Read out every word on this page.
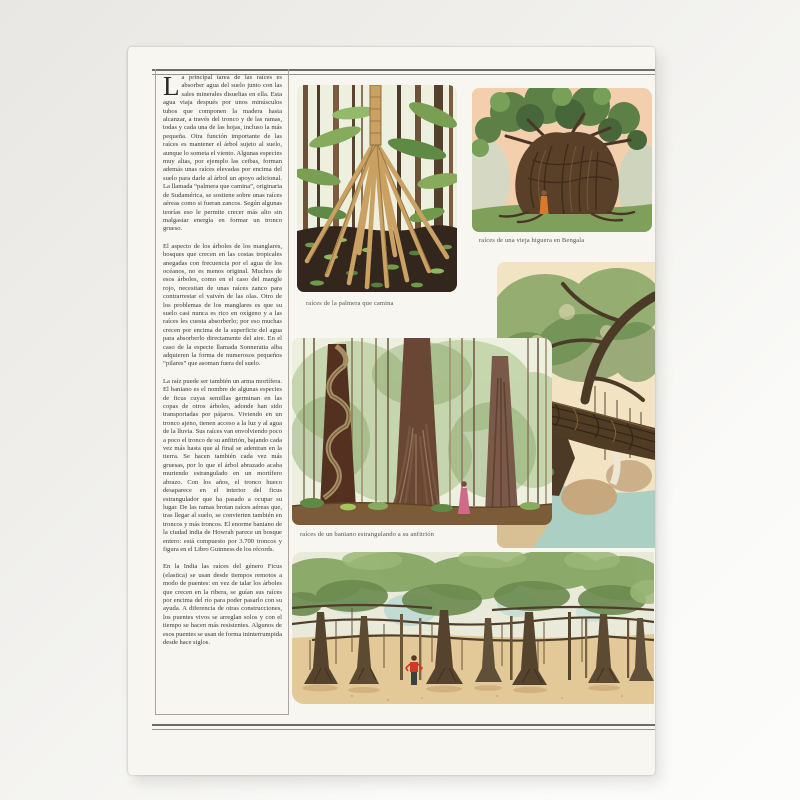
La principal tarea de las raíces es absorber agua del suelo junto con las sales minerales disueltas en ella. Esta agua viaja después por unos minúsculos tubos que componen la madera hasta alcanzar, a través del tronco y de las ramas, todas y cada una de las hojas, incluso la más pequeña. Otra función importante de las raíces es mantener el árbol sujeto al suelo, aunque lo someta el viento. Algunas especies muy altas, por ejemplo las ceibas, forman además unas raíces elevadas por encima del suelo para darle al árbol un apoyo adicional. La llamada “palmera que camina”, originaria de Sudamérica, se sostiene sobre unas raíces aéreas como si fueran zancos. Según algunas teorías eso le permite crecer más alto sin malgastar energía en formar un tronco grueso.

El aspecto de los árboles de los manglares, bosques que crecen en las costas tropicales anegadas con frecuencia por el agua de los océanos, no es menos original. Muchos de esos árboles, como en el caso del mangle rojo, necesitan de unas raíces zanco para contrarrestar el vaivén de las olas. Otro de los problemas de los manglares es que su suelo casi nunca es rico en oxígeno y a las raíces les cuesta absorberlo; por eso muchas crecen por encima de la superficie del agua para absorberlo directamente del aire. En el caso de la especie llamada Sonneratia alba adquieren la forma de numerosos pequeños “pilares” que asoman fuera del suelo.

La raíz puede ser también un arma mortífera. El baniano es el nombre de algunas especies de ficus cuyas semillas germinan en las copas de otros árboles, adonde han sido transportadas por pájaros. Viviendo en un tronco ajeno, tienen acceso a la luz y al agua de la lluvia. Sus raíces van envolviendo poco a poco el tronco de su anfitrión, bajando cada vez más hasta que al final se adentran en la tierra. Se hacen también cada vez más gruesas, por lo que el árbol abrazado acaba muriendo estrangulado en un mortífero abrazo. Con los años, el tronco hueco desaparece en el interior del ficus estrangulador que ha pasado a ocupar su lugar. De las ramas brotan raíces aéreas que, tras llegar al suelo, se convierten también en troncos y más troncos. El enorme baniano de la ciudad india de Howrah parece un bosque entero: está compuesto por 3.700 troncos y figura en el Libro Guinness de los récords.

En la India las raíces del género Ficus (elastica) se usan desde tiempos remotos a modo de puentes: en vez de talar los árboles que crecen en la ribera, se guían sus raíces por encima del río para poder pasarlo con su ayuda. A diferencia de otras construcciones, los puentes vivos se arreglan solos y con el tiempo se hacen más resistentes. Algunos de esos puentes se usan de forma ininterrumpida desde hace siglos.

raíces de la palmera que camina
raíces de una vieja higuera en Bengala
raíces de un baniano estrangulando a su anfitrión
